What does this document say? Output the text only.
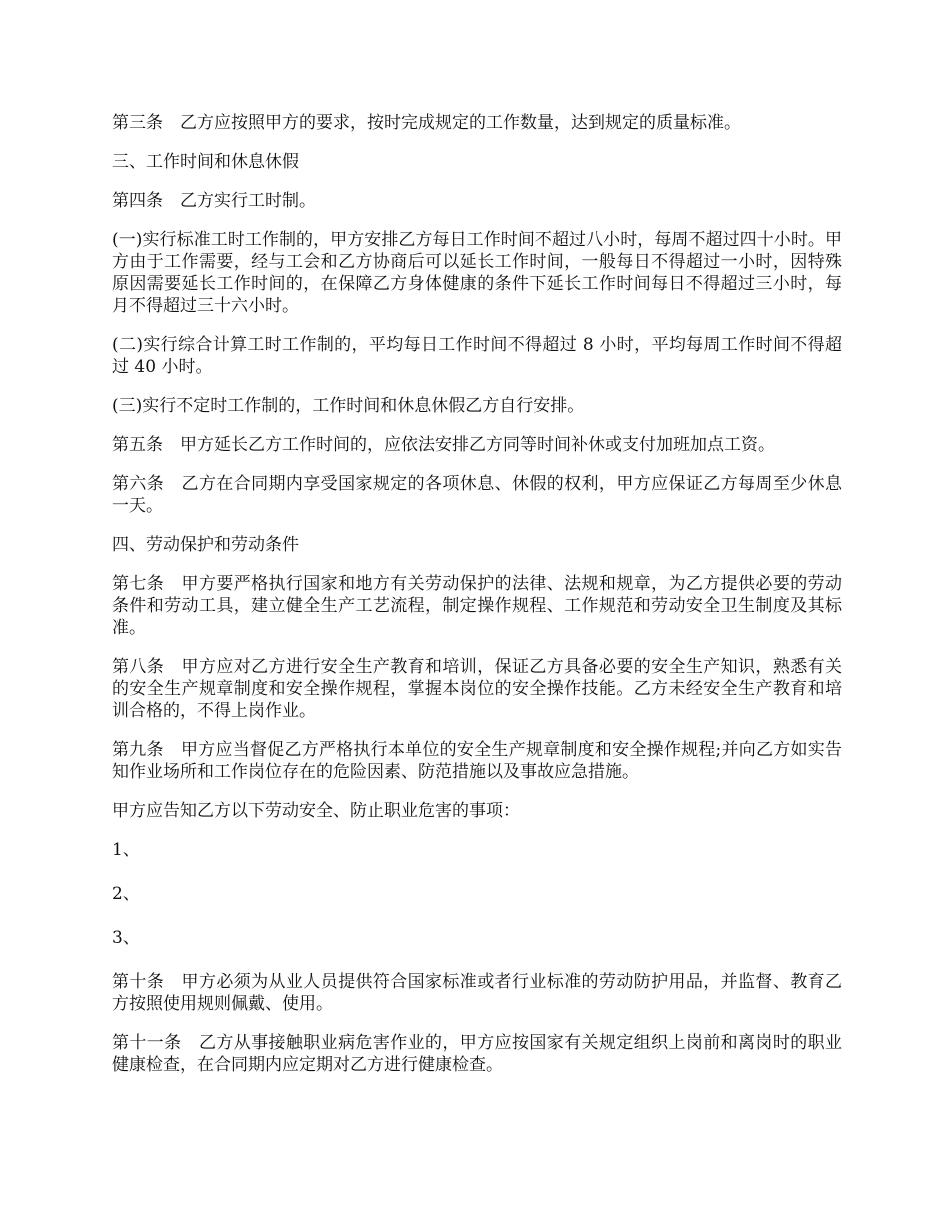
第三条　乙方应按照甲方的要求，按时完成规定的工作数量，达到规定的质量标准。

三、工作时间和休息休假

第四条　乙方实行工时制。

(一)实行标准工时工作制的，甲方安排乙方每日工作时间不超过八小时，每周不超过四十小时。甲方由于工作需要，经与工会和乙方协商后可以延长工作时间，一般每日不得超过一小时，因特殊原因需要延长工作时间的，在保障乙方身体健康的条件下延长工作时间每日不得超过三小时，每月不得超过三十六小时。

(二)实行综合计算工时工作制的，平均每日工作时间不得超过 8 小时，平均每周工作时间不得超过 40 小时。

(三)实行不定时工作制的，工作时间和休息休假乙方自行安排。

第五条　甲方延长乙方工作时间的，应依法安排乙方同等时间补休或支付加班加点工资。

第六条　乙方在合同期内享受国家规定的各项休息、休假的权利，甲方应保证乙方每周至少休息一天。

四、劳动保护和劳动条件

第七条　甲方要严格执行国家和地方有关劳动保护的法律、法规和规章，为乙方提供必要的劳动条件和劳动工具，建立健全生产工艺流程，制定操作规程、工作规范和劳动安全卫生制度及其标准。

第八条　甲方应对乙方进行安全生产教育和培训，保证乙方具备必要的安全生产知识，熟悉有关的安全生产规章制度和安全操作规程，掌握本岗位的安全操作技能。乙方未经安全生产教育和培训合格的，不得上岗作业。

第九条　甲方应当督促乙方严格执行本单位的安全生产规章制度和安全操作规程;并向乙方如实告知作业场所和工作岗位存在的危险因素、防范措施以及事故应急措施。

甲方应告知乙方以下劳动安全、防止职业危害的事项：

1、

2、

3、

第十条　甲方必须为从业人员提供符合国家标准或者行业标准的劳动防护用品，并监督、教育乙方按照使用规则佩戴、使用。

第十一条　乙方从事接触职业病危害作业的，甲方应按国家有关规定组织上岗前和离岗时的职业健康检查，在合同期内应定期对乙方进行健康检查。
